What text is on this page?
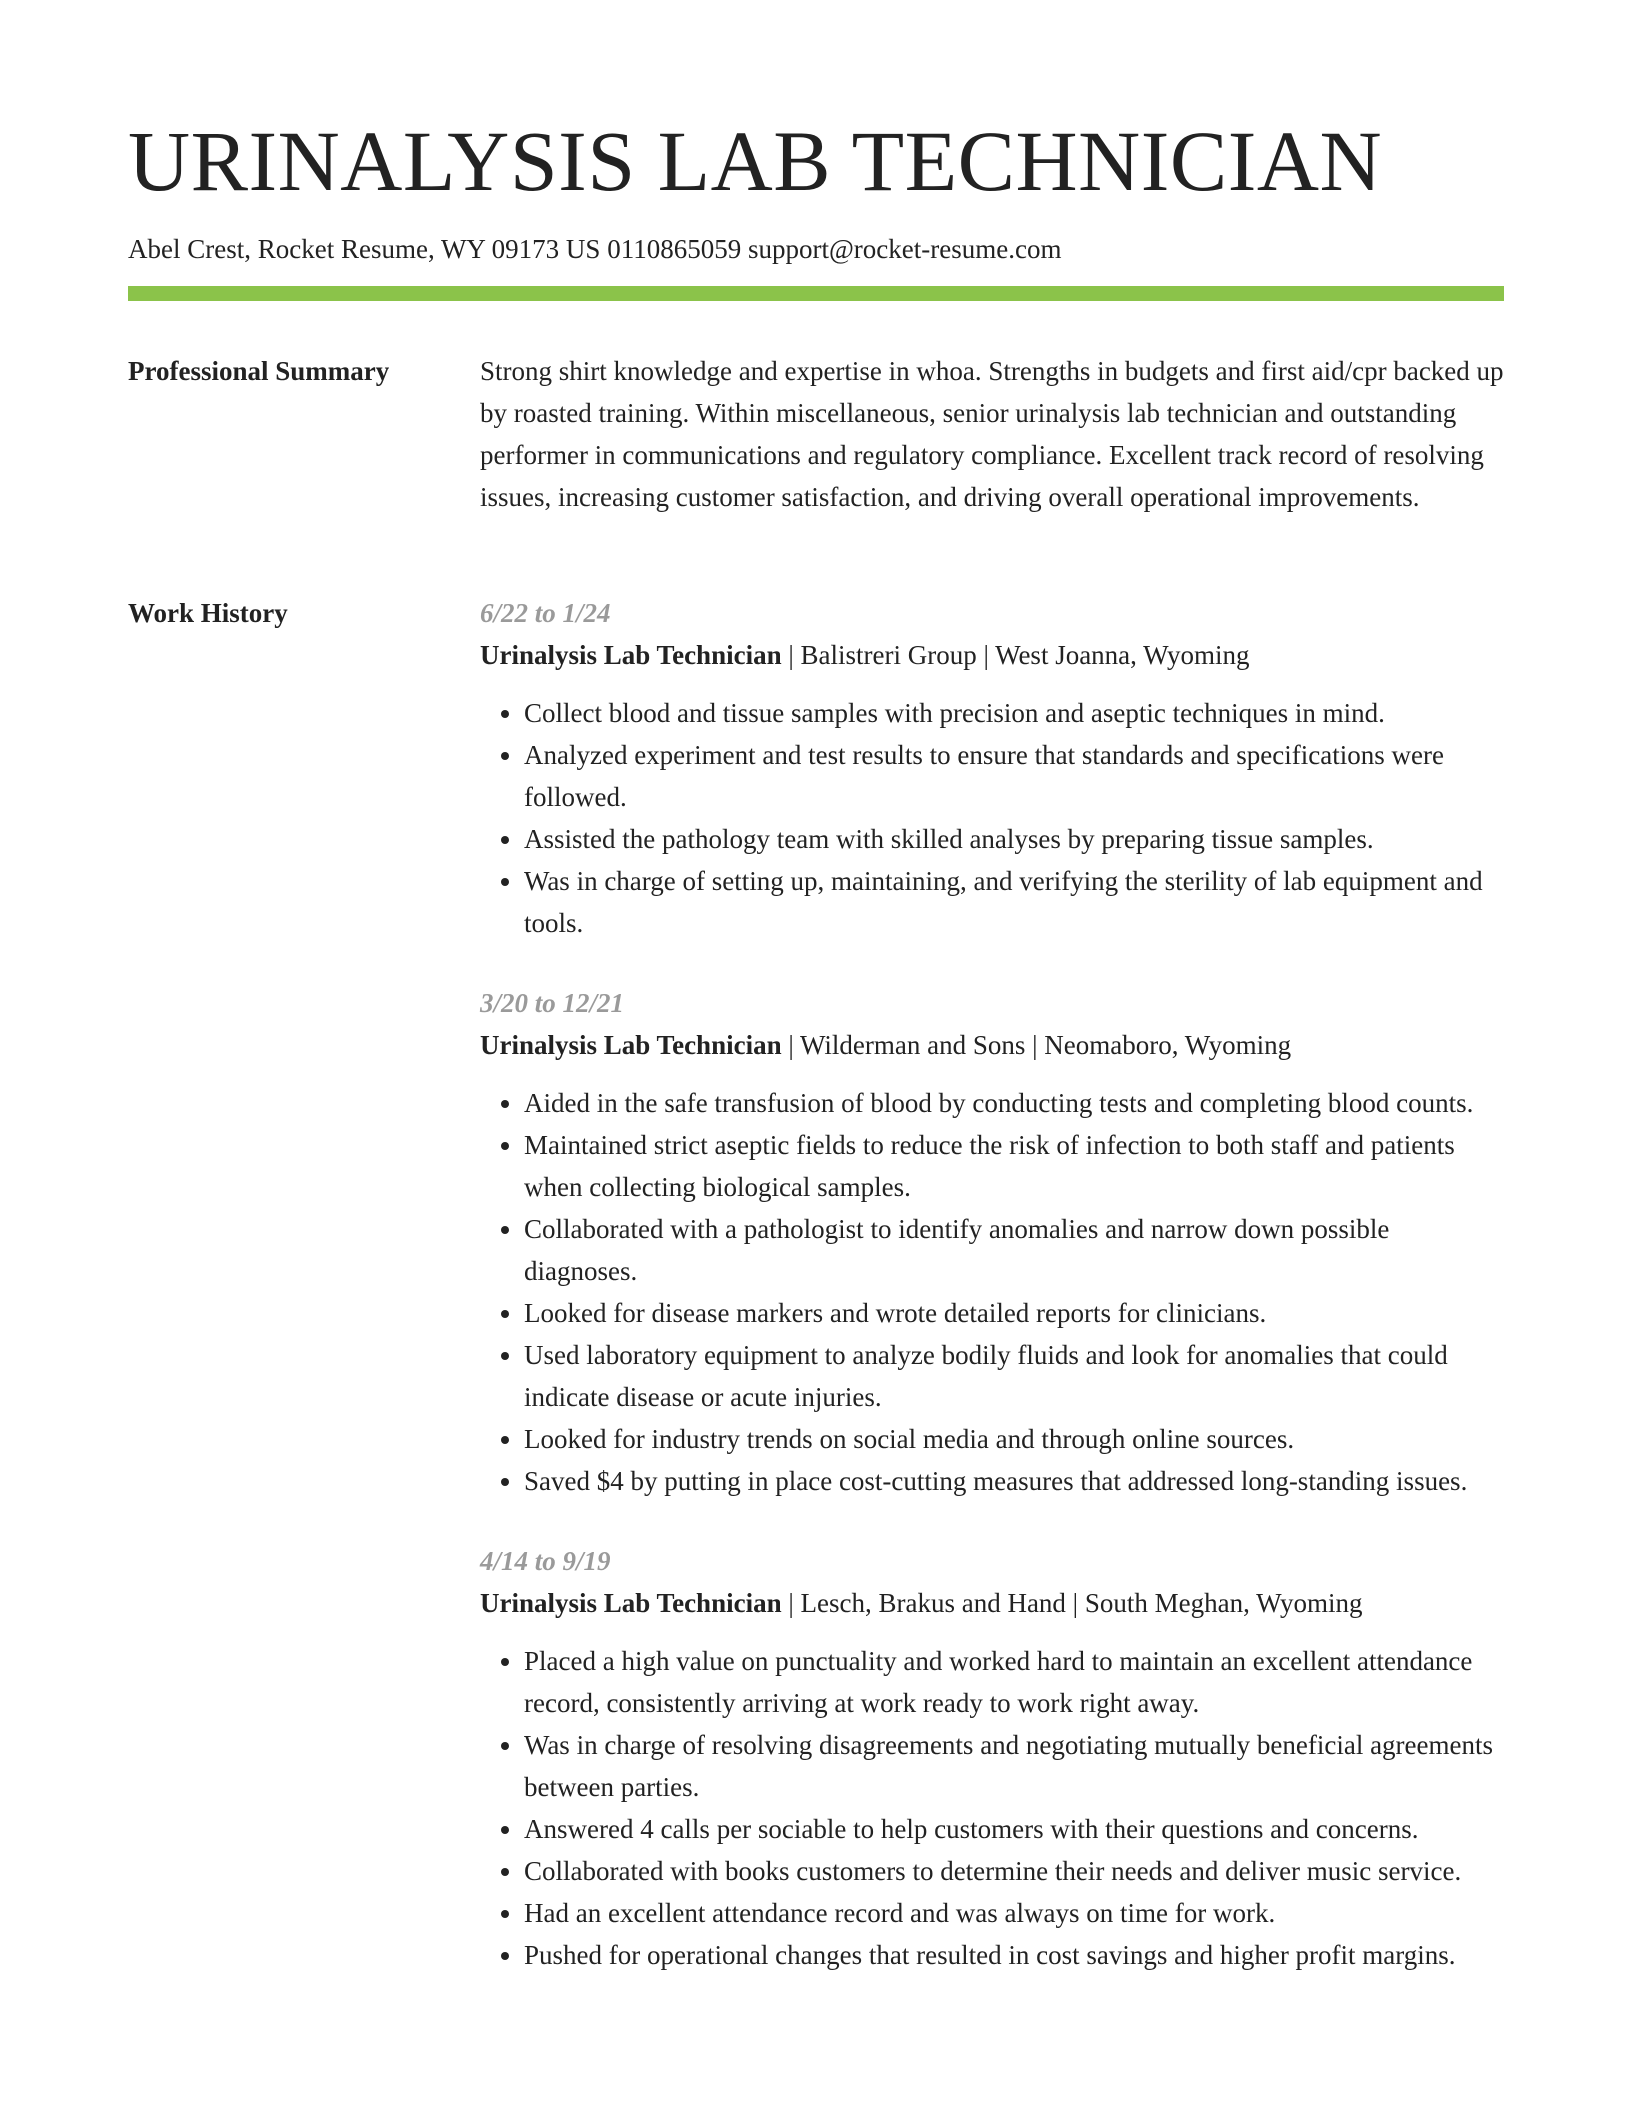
URINALYSIS LAB TECHNICIAN
Abel Crest, Rocket Resume, WY 09173 US 0110865059 support@rocket-resume.com
Professional Summary	Strong shirt knowledge and expertise in whoa. Strengths in budgets and first aid/cpr backed up by roasted training. Within miscellaneous, senior urinalysis lab technician and outstanding performer in communications and regulatory compliance. Excellent track record of resolving issues, increasing customer satisfaction, and driving overall operational improvements.

Work History	6/22 to 1/24
Urinalysis Lab Technician | Balistreri Group | West Joanna, Wyoming
• Collect blood and tissue samples with precision and aseptic techniques in mind.
• Analyzed experiment and test results to ensure that standards and specifications were followed.
• Assisted the pathology team with skilled analyses by preparing tissue samples.
• Was in charge of setting up, maintaining, and verifying the sterility of lab equipment and tools.
3/20 to 12/21
Urinalysis Lab Technician | Wilderman and Sons | Neomaboro, Wyoming
• Aided in the safe transfusion of blood by conducting tests and completing blood counts.
• Maintained strict aseptic fields to reduce the risk of infection to both staff and patients when collecting biological samples.
• Collaborated with a pathologist to identify anomalies and narrow down possible diagnoses.
• Looked for disease markers and wrote detailed reports for clinicians.
• Used laboratory equipment to analyze bodily fluids and look for anomalies that could indicate disease or acute injuries.
• Looked for industry trends on social media and through online sources.
• Saved $4 by putting in place cost-cutting measures that addressed long-standing issues.
4/14 to 9/19
Urinalysis Lab Technician | Lesch, Brakus and Hand | South Meghan, Wyoming
• Placed a high value on punctuality and worked hard to maintain an excellent attendance record, consistently arriving at work ready to work right away.
• Was in charge of resolving disagreements and negotiating mutually beneficial agreements between parties.
• Answered 4 calls per sociable to help customers with their questions and concerns.
• Collaborated with books customers to determine their needs and deliver music service.
• Had an excellent attendance record and was always on time for work.
• Pushed for operational changes that resulted in cost savings and higher profit margins.
